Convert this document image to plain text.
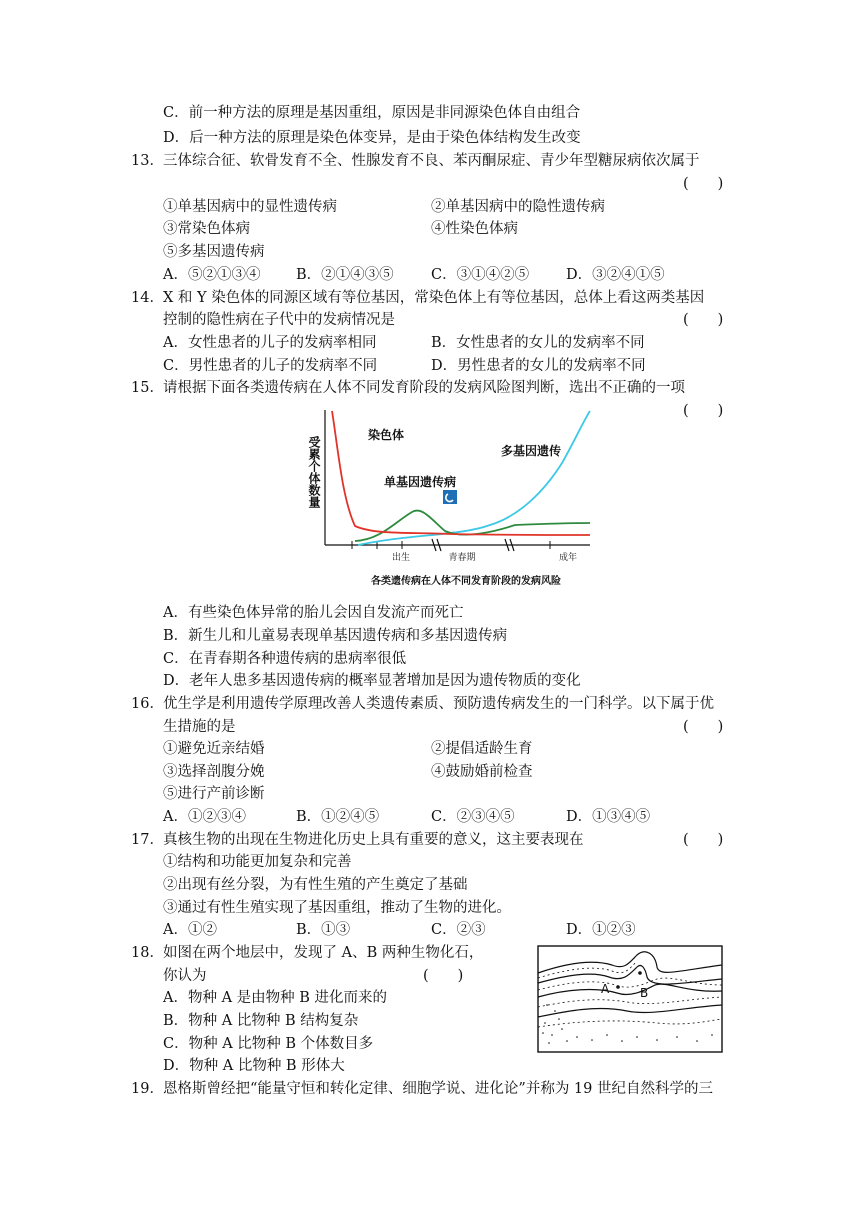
C．前一种方法的原理是基因重组，原因是非同源染色体自由组合
D．后一种方法的原理是染色体变异，是由于染色体结构发生改变
13． 三体综合征、软骨发育不全、性腺发育不良、苯丙酮尿症、青少年型糖尿病依次属于
(　　)
①单基因病中的显性遗传病	②单基因病中的隐性遗传病
③常染色体病	④性染色体病
⑤多基因遗传病
A．⑤②①③④ B．②①④③⑤	C．③①④②⑤	D．③②④①⑤
14． X 和 Y 染色体的同源区域有等位基因，常染色体上有等位基因，总体上看这两类基因
控制的隐性病在子代中的发病情况是	(　　)
A．女性患者的儿子的发病率相同	B．女性患者的女儿的发病率不同
C．男性患者的儿子的发病率不同	D．男性患者的女儿的发病率不同
15． 请根据下面各类遗传病在人体不同发育阶段的发病风险图判断，选出不正确的一项
(　　)
受累个体数量
染色体
多基因遗传
单基因遗传病
出生	青春期	成年
各类遗传病在人体不同发育阶段的发病风险
A．有些染色体异常的胎儿会因自发流产而死亡
B．新生儿和儿童易表现单基因遗传病和多基因遗传病
C．在青春期各种遗传病的患病率很低
D．老年人患多基因遗传病的概率显著增加是因为遗传物质的变化
16． 优生学是利用遗传学原理改善人类遗传素质、预防遗传病发生的一门科学。以下属于优
生措施的是	(　　)
①避免近亲结婚	②提倡适龄生育
③选择剖腹分娩	④鼓励婚前检查
⑤进行产前诊断
A．①②③④	B．①②④⑤	C．②③④⑤	D．①③④⑤
17． 真核生物的出现在生物进化历史上具有重要的意义，这主要表现在	(　　)
①结构和功能更加复杂和完善
②出现有丝分裂，为有性生殖的产生奠定了基础
③通过有性生殖实现了基因重组，推动了生物的进化。
A．①②	B．①③	C．②③	D．①②③
18． 如图在两个地层中，发现了 A、B 两种生物化石，
你认为	(　　)
A．物种 A 是由物种 B 进化而来的
B．物种 A 比物种 B 结构复杂
C．物种 A 比物种 B 个体数目多
D．物种 A 比物种 B 形体大
A	B
19． 恩格斯曾经把“能量守恒和转化定律、细胞学说、进化论”并称为 19 世纪自然科学的三
